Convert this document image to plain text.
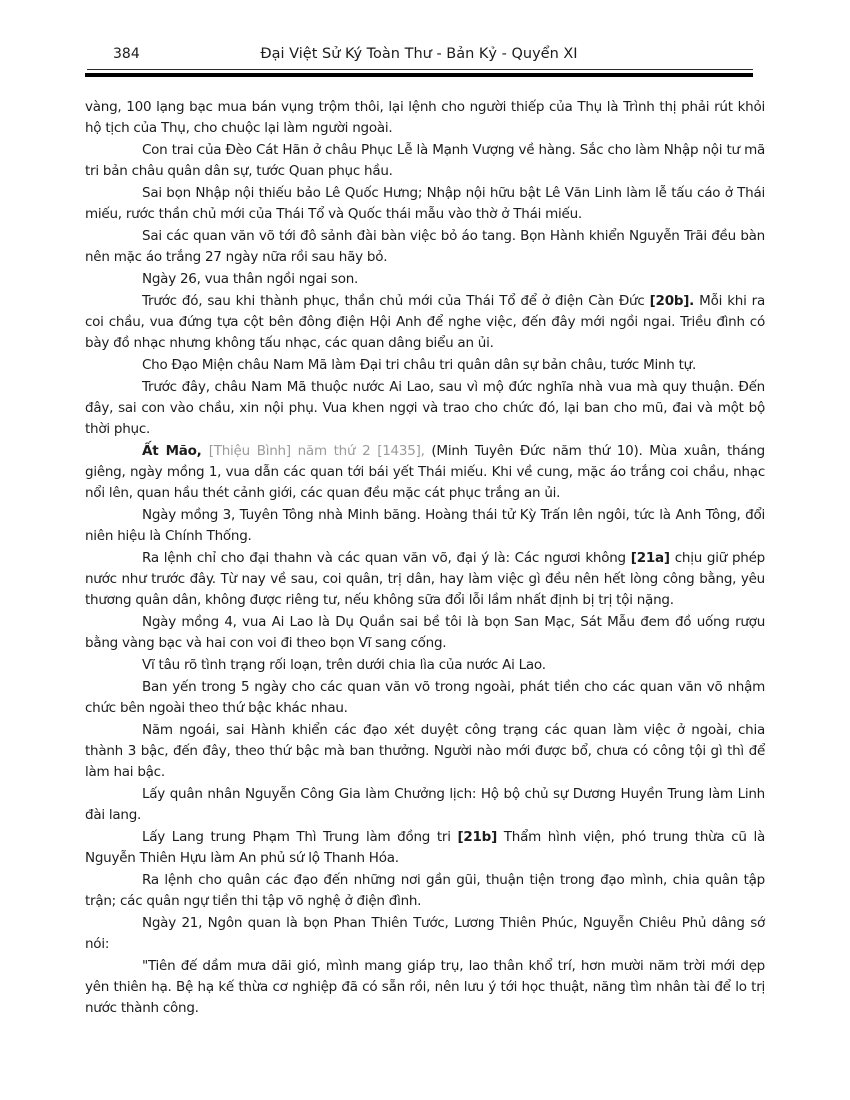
384	Đại Việt Sử Ký Toàn Thư - Bản Kỷ - Quyển XI

vàng, 100 lạng bạc mua bán vụng trộm thôi, lại lệnh cho người thiếp của Thụ là Trình thị phải rút khỏi hộ tịch của Thụ, cho chuộc lại làm người ngoài.

Con trai của Đèo Cát Hãn ở châu Phục Lễ là Mạnh Vượng về hàng. Sắc cho làm Nhập nội tư mã tri bản châu quân dân sự, tước Quan phục hầu.

Sai bọn Nhập nội thiếu bảo Lê Quốc Hưng; Nhập nội hữu bật Lê Văn Linh làm lễ tấu cáo ở Thái miếu, rước thần chủ mới của Thái Tổ và Quốc thái mẫu vào thờ ở Thái miếu.

Sai các quan văn võ tới đô sảnh đài bàn việc bỏ áo tang. Bọn Hành khiển Nguyễn Trãi đều bàn nên mặc áo trắng 27 ngày nữa rồi sau hãy bỏ.

Ngày 26, vua thân ngồi ngai son.

Trước đó, sau khi thành phục, thần chủ mới của Thái Tổ để ở điện Càn Đức [20b]. Mỗi khi ra coi chầu, vua đứng tựa cột bên đông điện Hội Anh để nghe việc, đến đây mới ngồi ngai. Triều đình có bày đồ nhạc nhưng không tấu nhạc, các quan dâng biểu an ủi.

Cho Đạo Miện châu Nam Mã làm Đại tri châu tri quân dân sự bản châu, tước Minh tự.

Trước đây, châu Nam Mã thuộc nước Ai Lao, sau vì mộ đức nghĩa nhà vua mà quy thuận. Đến đây, sai con vào chầu, xin nội phụ. Vua khen ngợi và trao cho chức đó, lại ban cho mũ, đai và một bộ thời phục.

Ất Mão, [Thiệu Bình] năm thứ 2 [1435], (Minh Tuyên Đức năm thứ 10). Mùa xuân, tháng giêng, ngày mồng 1, vua dẫn các quan tới bái yết Thái miếu. Khi về cung, mặc áo trắng coi chầu, nhạc nổi lên, quan hầu thét cảnh giới, các quan đều mặc cát phục trắng an ủi.

Ngày mồng 3, Tuyên Tông nhà Minh băng. Hoàng thái tử Kỳ Trấn lên ngôi, tức là Anh Tông, đổi niên hiệu là Chính Thống.

Ra lệnh chỉ cho đại thahn và các quan văn võ, đại ý là: Các ngươi không [21a] chịu giữ phép nước như trước đây. Từ nay về sau, coi quân, trị dân, hay làm việc gì đều nên hết lòng công bằng, yêu thương quân dân, không được riêng tư, nếu không sữa đổi lỗi lầm nhất định bị trị tội nặng.

Ngày mồng 4, vua Ai Lao là Dụ Quần sai bề tôi là bọn San Mạc, Sát Mẫu đem đồ uống rượu bằng vàng bạc và hai con voi đi theo bọn Vĩ sang cống.

Vĩ tâu rõ tình trạng rối loạn, trên dưới chia lìa của nước Ai Lao.

Ban yến trong 5 ngày cho các quan văn võ trong ngoài, phát tiền cho các quan văn võ nhậm chức bên ngoài theo thứ bậc khác nhau.

Năm ngoái, sai Hành khiển các đạo xét duyệt công trạng các quan làm việc ở ngoài, chia thành 3 bậc, đến đây, theo thứ bậc mà ban thưởng. Người nào mới được bổ, chưa có công tội gì thì để làm hai bậc.

Lấy quân nhân Nguyễn Công Gia làm Chưởng lịch: Hộ bộ chủ sự Dương Huyền Trung làm Linh đài lang.

Lấy Lang trung Phạm Thì Trung làm đồng tri [21b] Thẩm hình viện, phó trung thừa cũ là Nguyễn Thiên Hựu làm An phủ sứ lộ Thanh Hóa.

Ra lệnh cho quân các đạo đến những nơi gần gũi, thuận tiện trong đạo mình, chia quân tập trận; các quân ngự tiền thi tập võ nghệ ở điện đình.

Ngày 21, Ngôn quan là bọn Phan Thiên Tước, Lương Thiên Phúc, Nguyễn Chiêu Phủ dâng sớ nói:

"Tiên đế dầm mưa dãi gió, mình mang giáp trụ, lao thân khổ trí, hơn mười năm trời mới dẹp yên thiên hạ. Bệ hạ kế thừa cơ nghiệp đã có sẵn rồi, nên lưu ý tới học thuật, năng tìm nhân tài để lo trị nước thành công.
